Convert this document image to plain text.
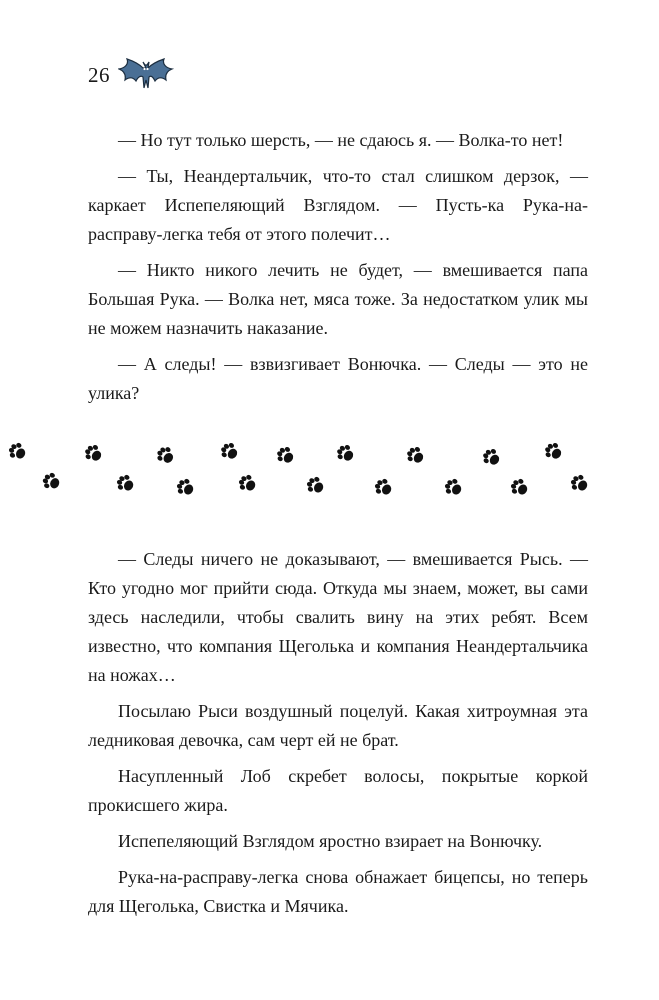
26

— Но тут только шерсть, — не сдаюсь я. — Волка-то нет!

— Ты, Неандертальчик, что-то стал слишком дерзок, — каркает Испепеляющий Взглядом. — Пусть-ка Рука-на-расправу-легка тебя от этого полечит…

— Никто никого лечить не будет, — вмешивается папа Большая Рука. — Волка нет, мяса тоже. За недостатком улик мы не можем назначить наказание.

— А следы! — взвизгивает Вонючка. — Следы — это не улика?

— Следы ничего не доказывают, — вмешивается Рысь. — Кто угодно мог прийти сюда. Откуда мы знаем, может, вы сами здесь наследили, чтобы свалить вину на этих ребят. Всем известно, что компания Щеголька и компания Неандертальчика на ножах…

Посылаю Рыси воздушный поцелуй. Какая хитроумная эта ледниковая девочка, сам черт ей не брат.

Насупленный Лоб скребет волосы, покрытые коркой прокисшего жира.

Испепеляющий Взглядом яростно взирает на Вонючку.

Рука-на-расправу-легка снова обнажает бицепсы, но теперь для Щеголька, Свистка и Мячика.
